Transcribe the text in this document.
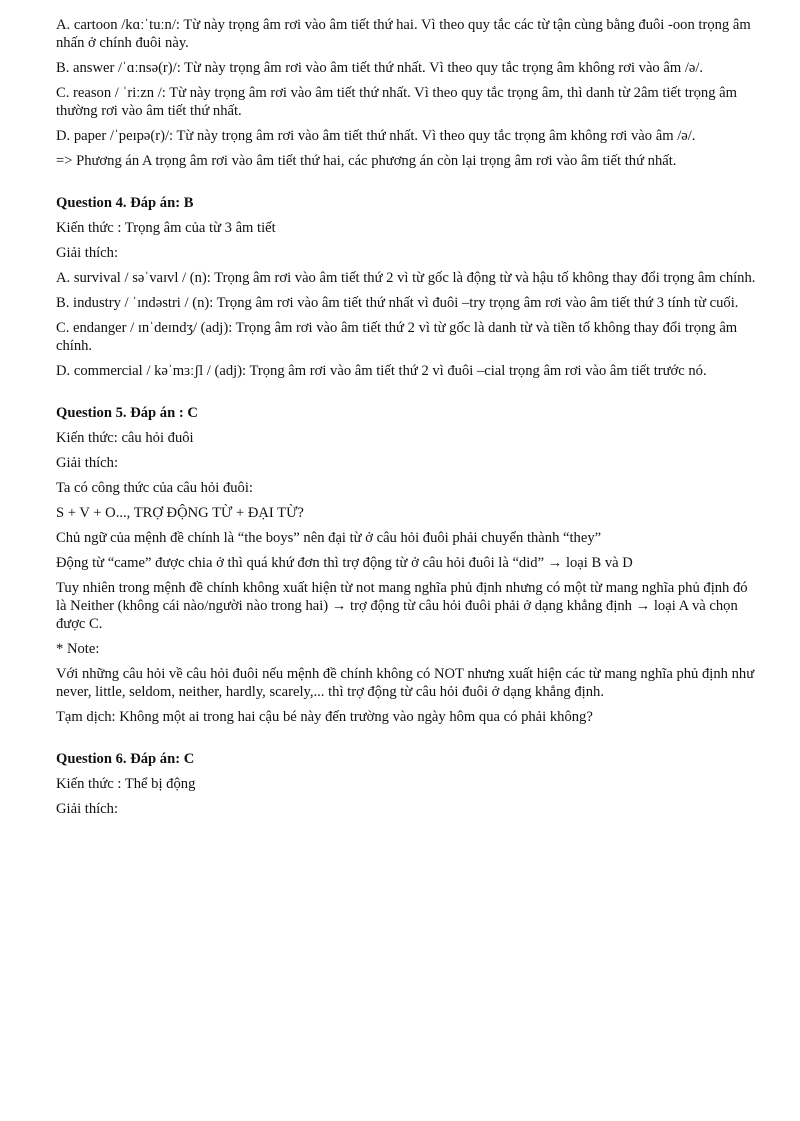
A. cartoon /kɑːˈtuːn/: Từ này trọng âm rơi vào âm tiết thứ hai. Vì theo quy tắc các từ tận cùng bằng đuôi -oon trọng âm nhấn ở chính đuôi này.

B. answer /ˈɑːnsə(r)/: Từ này trọng âm rơi vào âm tiết thứ nhất. Vì theo quy tắc trọng âm không rơi vào âm /ə/.

C. reason / ˈriːzn /: Từ này trọng âm rơi vào âm tiết thứ nhất. Vì theo quy tắc trọng âm, thì danh từ 2âm tiết trọng âm thường rơi vào âm tiết thứ nhất.

D. paper /ˈpeɪpə(r)/: Từ này trọng âm rơi vào âm tiết thứ nhất. Vì theo quy tắc trọng âm không rơi vào âm /ə/.

=> Phương án A trọng âm rơi vào âm tiết thứ hai, các phương án còn lại trọng âm rơi vào âm tiết thứ nhất.

Question 4. Đáp án: B

Kiến thức : Trọng âm của từ 3 âm tiết

Giải thích:

A. survival / səˈvaɪvl / (n): Trọng âm rơi vào âm tiết thứ 2 vì từ gốc là động từ và hậu tố không thay đổi trọng âm chính.

B. industry / ˈɪndəstri / (n): Trọng âm rơi vào âm tiết thứ nhất vì đuôi –try trọng âm rơi vào âm tiết thứ 3 tính từ cuối.

C. endanger / ɪnˈdeɪndʒ/ (adj): Trọng âm rơi vào âm tiết thứ 2 vì từ gốc là danh từ và tiền tố không thay đổi trọng âm chính.

D. commercial / kəˈmɜːʃl / (adj): Trọng âm rơi vào âm tiết thứ 2 vì đuôi –cial trọng âm rơi vào âm tiết trước nó.

Question 5. Đáp án : C

Kiến thức: câu hỏi đuôi

Giải thích:

Ta có công thức của câu hỏi đuôi:

S + V + O..., TRỢ ĐỘNG TỪ + ĐẠI TỪ?

Chủ ngữ của mệnh đề chính là “the boys” nên đại từ ở câu hỏi đuôi phải chuyển thành “they”

Động từ “came” được chia ở thì quá khứ đơn thì trợ động từ ở câu hỏi đuôi là “did” → loại B và D

Tuy nhiên trong mệnh đề chính không xuất hiện từ not mang nghĩa phủ định nhưng có một từ mang nghĩa phủ định đó là Neither (không cái nào/người nào trong hai) → trợ động từ câu hỏi đuôi phải ở dạng khẳng định → loại A và chọn được C.

* Note:

Với những câu hỏi về câu hỏi đuôi nếu mệnh đề chính không có NOT nhưng xuất hiện các từ mang nghĩa phủ định như never, little, seldom, neither, hardly, scarely,... thì trợ động từ câu hỏi đuôi ở dạng khẳng định.

Tạm dịch: Không một ai trong hai cậu bé này đến trường vào ngày hôm qua có phải không?

Question 6. Đáp án: C

Kiến thức : Thể bị động

Giải thích:
